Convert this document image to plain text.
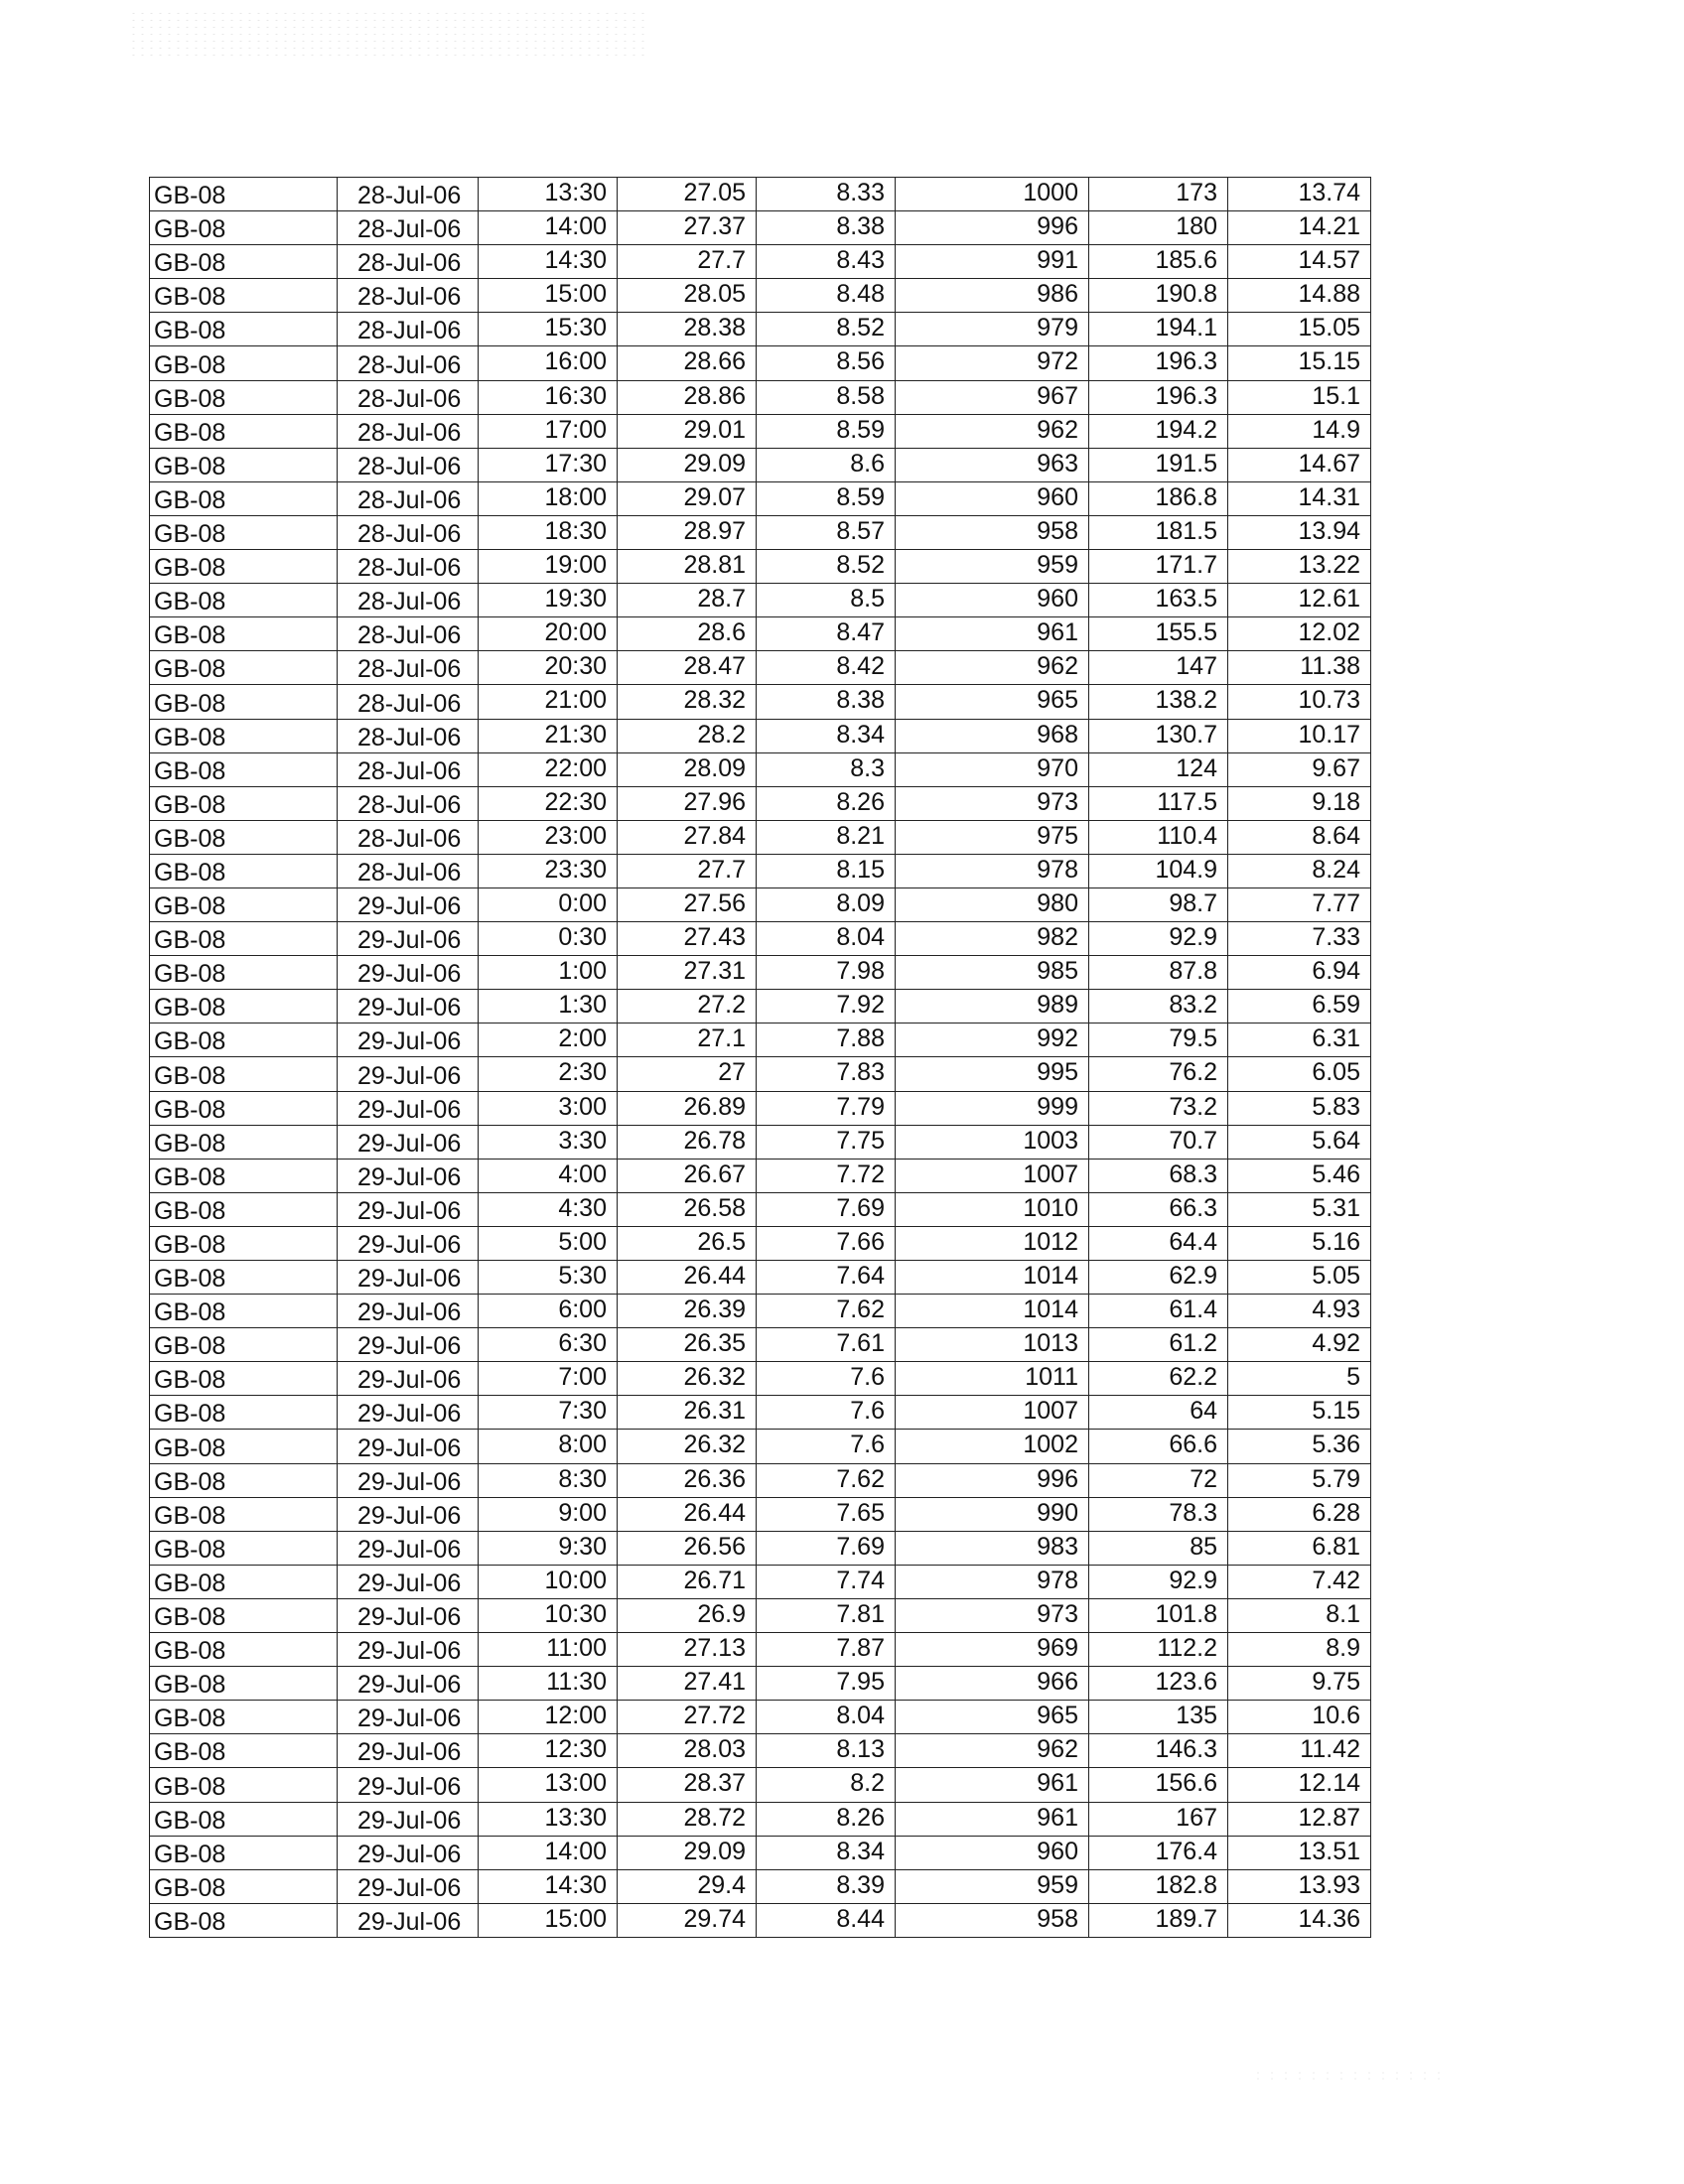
GB-08	28-Jul-06	13:30	27.05	8.33	1000	173	13.74
GB-08	28-Jul-06	14:00	27.37	8.38	996	180	14.21
GB-08	28-Jul-06	14:30	27.7	8.43	991	185.6	14.57
GB-08	28-Jul-06	15:00	28.05	8.48	986	190.8	14.88
GB-08	28-Jul-06	15:30	28.38	8.52	979	194.1	15.05
GB-08	28-Jul-06	16:00	28.66	8.56	972	196.3	15.15
GB-08	28-Jul-06	16:30	28.86	8.58	967	196.3	15.1
GB-08	28-Jul-06	17:00	29.01	8.59	962	194.2	14.9
GB-08	28-Jul-06	17:30	29.09	8.6	963	191.5	14.67
GB-08	28-Jul-06	18:00	29.07	8.59	960	186.8	14.31
GB-08	28-Jul-06	18:30	28.97	8.57	958	181.5	13.94
GB-08	28-Jul-06	19:00	28.81	8.52	959	171.7	13.22
GB-08	28-Jul-06	19:30	28.7	8.5	960	163.5	12.61
GB-08	28-Jul-06	20:00	28.6	8.47	961	155.5	12.02
GB-08	28-Jul-06	20:30	28.47	8.42	962	147	11.38
GB-08	28-Jul-06	21:00	28.32	8.38	965	138.2	10.73
GB-08	28-Jul-06	21:30	28.2	8.34	968	130.7	10.17
GB-08	28-Jul-06	22:00	28.09	8.3	970	124	9.67
GB-08	28-Jul-06	22:30	27.96	8.26	973	117.5	9.18
GB-08	28-Jul-06	23:00	27.84	8.21	975	110.4	8.64
GB-08	28-Jul-06	23:30	27.7	8.15	978	104.9	8.24
GB-08	29-Jul-06	0:00	27.56	8.09	980	98.7	7.77
GB-08	29-Jul-06	0:30	27.43	8.04	982	92.9	7.33
GB-08	29-Jul-06	1:00	27.31	7.98	985	87.8	6.94
GB-08	29-Jul-06	1:30	27.2	7.92	989	83.2	6.59
GB-08	29-Jul-06	2:00	27.1	7.88	992	79.5	6.31
GB-08	29-Jul-06	2:30	27	7.83	995	76.2	6.05
GB-08	29-Jul-06	3:00	26.89	7.79	999	73.2	5.83
GB-08	29-Jul-06	3:30	26.78	7.75	1003	70.7	5.64
GB-08	29-Jul-06	4:00	26.67	7.72	1007	68.3	5.46
GB-08	29-Jul-06	4:30	26.58	7.69	1010	66.3	5.31
GB-08	29-Jul-06	5:00	26.5	7.66	1012	64.4	5.16
GB-08	29-Jul-06	5:30	26.44	7.64	1014	62.9	5.05
GB-08	29-Jul-06	6:00	26.39	7.62	1014	61.4	4.93
GB-08	29-Jul-06	6:30	26.35	7.61	1013	61.2	4.92
GB-08	29-Jul-06	7:00	26.32	7.6	1011	62.2	5
GB-08	29-Jul-06	7:30	26.31	7.6	1007	64	5.15
GB-08	29-Jul-06	8:00	26.32	7.6	1002	66.6	5.36
GB-08	29-Jul-06	8:30	26.36	7.62	996	72	5.79
GB-08	29-Jul-06	9:00	26.44	7.65	990	78.3	6.28
GB-08	29-Jul-06	9:30	26.56	7.69	983	85	6.81
GB-08	29-Jul-06	10:00	26.71	7.74	978	92.9	7.42
GB-08	29-Jul-06	10:30	26.9	7.81	973	101.8	8.1
GB-08	29-Jul-06	11:00	27.13	7.87	969	112.2	8.9
GB-08	29-Jul-06	11:30	27.41	7.95	966	123.6	9.75
GB-08	29-Jul-06	12:00	27.72	8.04	965	135	10.6
GB-08	29-Jul-06	12:30	28.03	8.13	962	146.3	11.42
GB-08	29-Jul-06	13:00	28.37	8.2	961	156.6	12.14
GB-08	29-Jul-06	13:30	28.72	8.26	961	167	12.87
GB-08	29-Jul-06	14:00	29.09	8.34	960	176.4	13.51
GB-08	29-Jul-06	14:30	29.4	8.39	959	182.8	13.93
GB-08	29-Jul-06	15:00	29.74	8.44	958	189.7	14.36
